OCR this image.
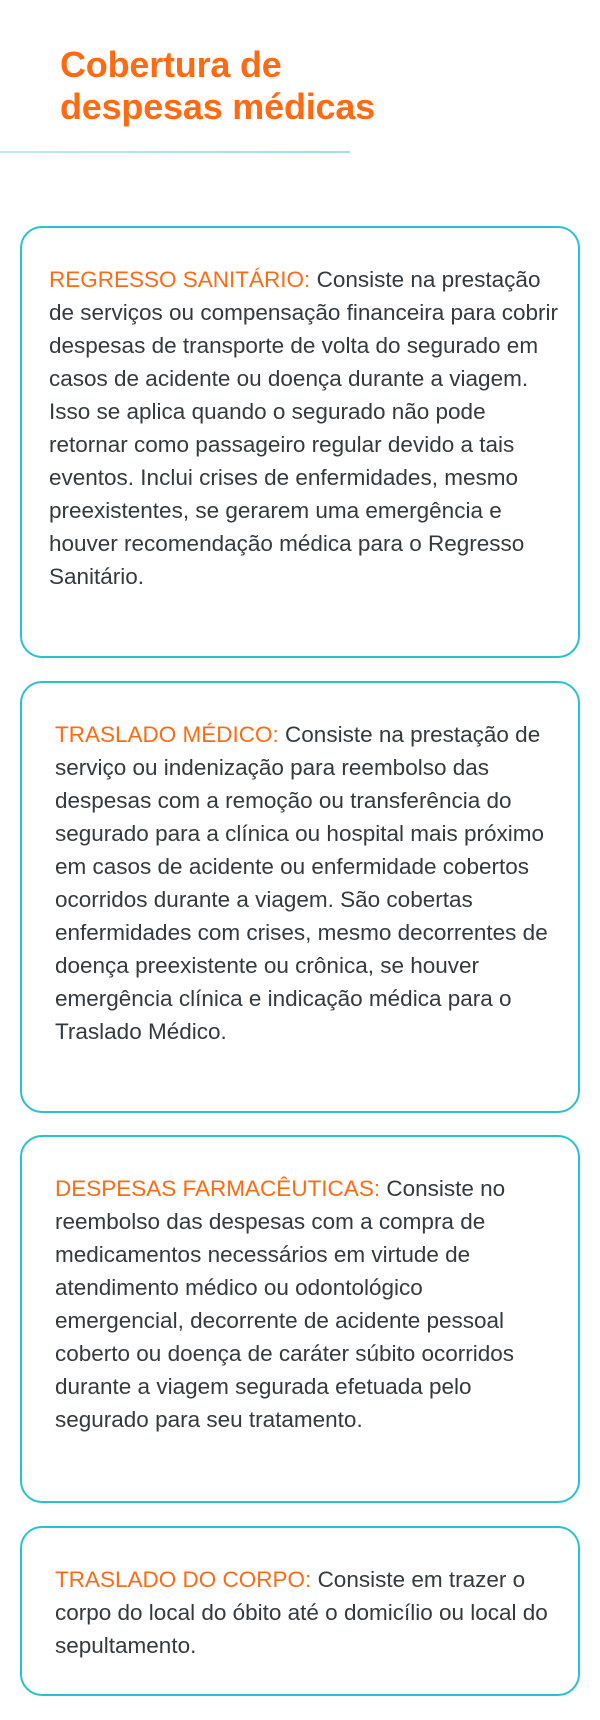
Cobertura de
despesas médicas

REGRESSO SANITÁRIO: Consiste na prestação de serviços ou compensação financeira para cobrir despesas de transporte de volta do segurado em casos de acidente ou doença durante a viagem. Isso se aplica quando o segurado não pode retornar como passageiro regular devido a tais eventos. Inclui crises de enfermidades, mesmo preexistentes, se gerarem uma emergência e houver recomendação médica para o Regresso Sanitário.

TRASLADO MÉDICO: Consiste na prestação de serviço ou indenização para reembolso das despesas com a remoção ou transferência do segurado para a clínica ou hospital mais próximo em casos de acidente ou enfermidade cobertos ocorridos durante a viagem. São cobertas enfermidades com crises, mesmo decorrentes de doença preexistente ou crônica, se houver emergência clínica e indicação médica para o Traslado Médico.

DESPESAS FARMACÊUTICAS: Consiste no reembolso das despesas com a compra de medicamentos necessários em virtude de atendimento médico ou odontológico emergencial, decorrente de acidente pessoal coberto ou doença de caráter súbito ocorridos durante a viagem segurada efetuada pelo segurado para seu tratamento.

TRASLADO DO CORPO: Consiste em trazer o corpo do local do óbito até o domicílio ou local do sepultamento.
